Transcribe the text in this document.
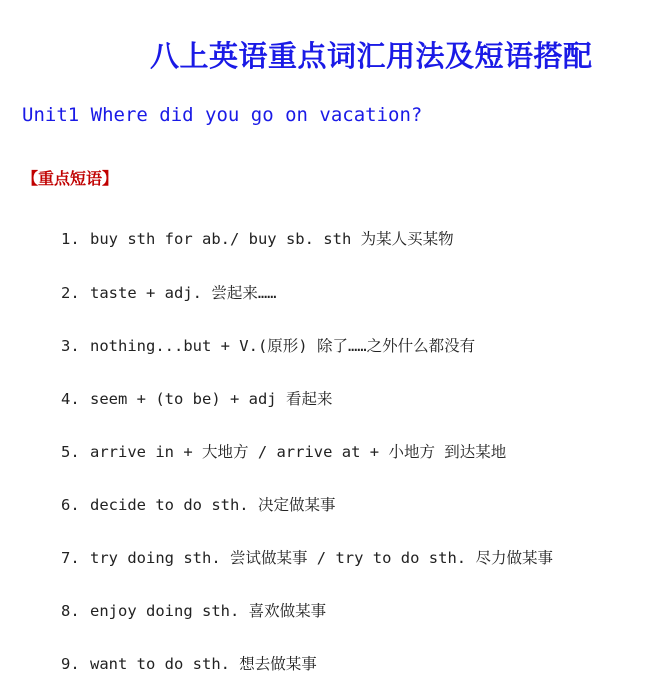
八上英语重点词汇用法及短语搭配
Unit1 Where did you go on vacation?
【重点短语】
1. buy sth for ab./ buy sb. sth 为某人买某物
2. taste + adj. 尝起来……
3. nothing...but + V.(原形) 除了……之外什么都没有
4. seem + (to be) + adj 看起来
5. arrive in + 大地方 / arrive at + 小地方 到达某地
6. decide to do sth. 决定做某事
7. try doing sth. 尝试做某事 / try to do sth. 尽力做某事
8. enjoy doing sth. 喜欢做某事
9. want to do sth. 想去做某事
